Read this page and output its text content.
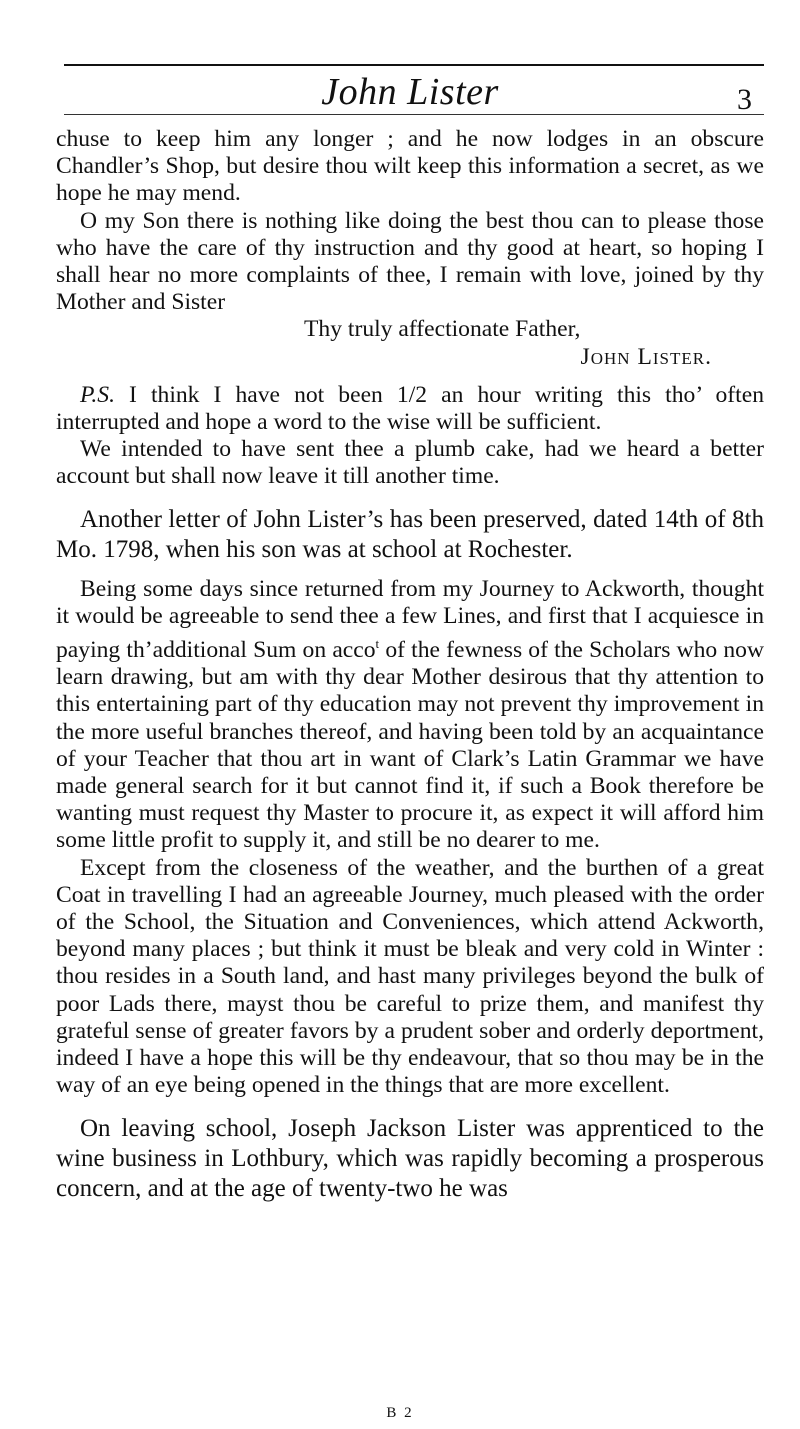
John Lister	3

chuse to keep him any longer ; and he now lodges in an obscure Chandler’s Shop, but desire thou wilt keep this information a secret, as we hope he may mend.

O my Son there is nothing like doing the best thou can to please those who have the care of thy instruction and thy good at heart, so hoping I shall hear no more complaints of thee, I remain with love, joined by thy Mother and Sister

Thy truly affectionate Father,

John Lister.

P.S. I think I have not been 1/2 an hour writing this tho’ often interrupted and hope a word to the wise will be sufficient.

We intended to have sent thee a plumb cake, had we heard a better account but shall now leave it till another time.

Another letter of John Lister’s has been preserved, dated 14th of 8th Mo. 1798, when his son was at school at Rochester.

Being some days since returned from my Journey to Ackworth, thought it would be agreeable to send thee a few Lines, and first that I acquiesce in paying th’additional Sum on acco$^t$ of the fewness of the Scholars who now learn drawing, but am with thy dear Mother desirous that thy attention to this entertaining part of thy education may not prevent thy improvement in the more useful branches thereof, and having been told by an acquaintance of your Teacher that thou art in want of Clark’s Latin Grammar we have made general search for it but cannot find it, if such a Book therefore be wanting must request thy Master to procure it, as expect it will afford him some little profit to supply it, and still be no dearer to me.

Except from the closeness of the weather, and the burthen of a great Coat in travelling I had an agreeable Journey, much pleased with the order of the School, the Situation and Conveniences, which attend Ackworth, beyond many places ; but think it must be bleak and very cold in Winter : thou resides in a South land, and hast many privileges beyond the bulk of poor Lads there, mayst thou be careful to prize them, and manifest thy grateful sense of greater favors by a prudent sober and orderly deportment, indeed I have a hope this will be thy endeavour, that so thou may be in the way of an eye being opened in the things that are more excellent.

On leaving school, Joseph Jackson Lister was apprenticed to the wine business in Lothbury, which was rapidly becoming a prosperous concern, and at the age of twenty-two he was

B 2
